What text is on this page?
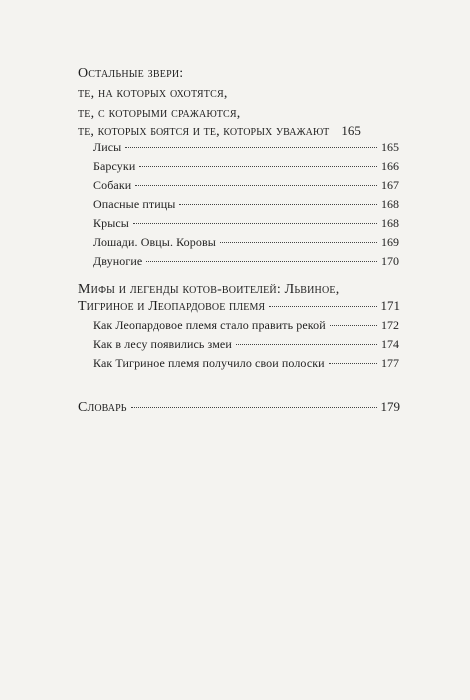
Остальные звери:
те, на которых охотятся,
те, с которыми сражаются,
те, которых боятся и те, которых уважают 165
Лисы	165
Барсуки	166
Собаки	167
Опасные птицы	168
Крысы	168
Лошади. Овцы. Коровы	169
Двуногие	170
Мифы и легенды котов-воителей: Львиное,
Тигриное и Леопардовое племя	171
Как Леопардовое племя стало править рекой	172
Как в лесу появились змеи	174
Как Тигриное племя получило свои полоски	177
Словарь	179
